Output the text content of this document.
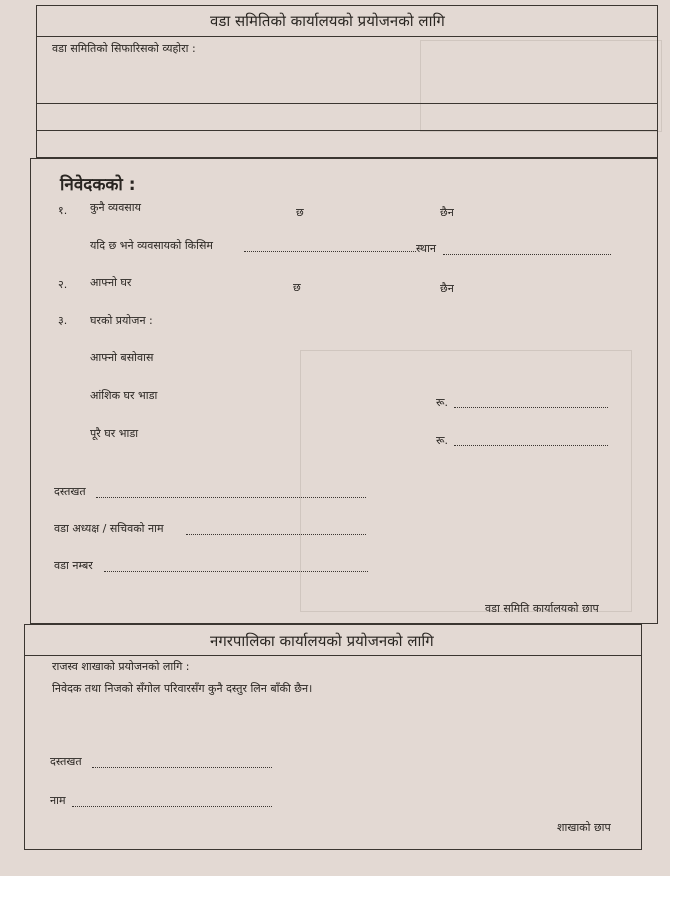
वडा समितिको कार्यालयको प्रयोजनको लागि
वडा समितिको सिफारिसको व्यहोरा :
निवेदकको :
१. कुनै व्यवसाय	छ	छैन
यदि छ भने व्यवसायको किसिम	स्थान
२. आफ्नो घर	छ	छैन
३. घरको प्रयोजन :
आफ्नो बसोवास
आंशिक घर भाडा
रू.
पूरै घर भाडा
रू.
दस्तखत
वडा अध्यक्ष / सचिवको नाम
वडा नम्बर
वडा समिति कार्यालयको छाप
नगरपालिका कार्यालयको प्रयोजनको लागि
राजस्व शाखाको प्रयोजनको लागि :
निवेदक तथा निजको सँगोल परिवारसँग कुनै दस्तुर लिन बाँकी छैन।
दस्तखत
नाम
शाखाको छाप
